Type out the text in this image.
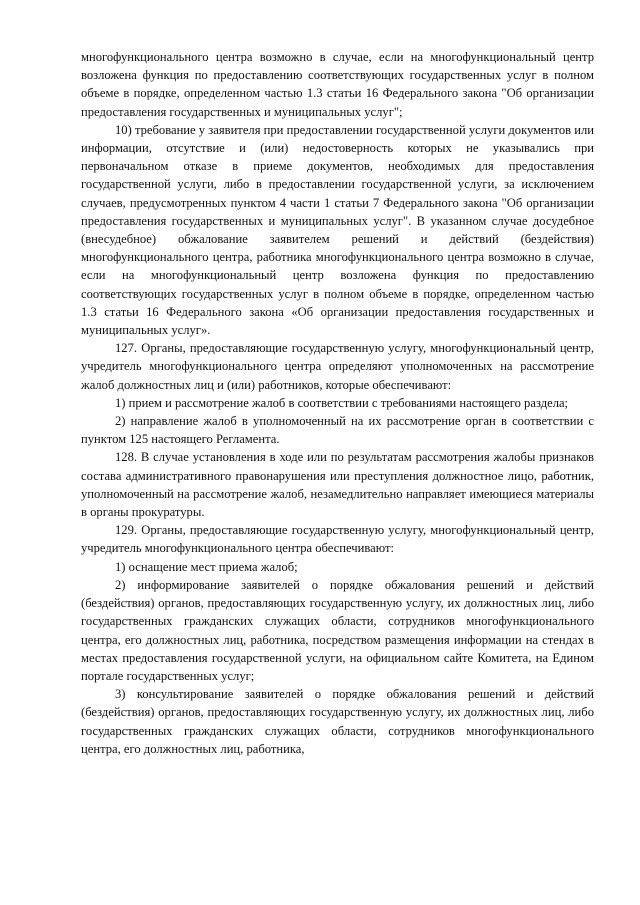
многофункционального центра возможно в случае, если на многофункциональный центр возложена функция по предоставлению соответствующих государственных услуг в полном объеме в порядке, определенном частью 1.3 статьи 16 Федерального закона "Об организации предоставления государственных и муниципальных услуг";

10) требование у заявителя при предоставлении государственной услуги документов или информации, отсутствие и (или) недостоверность которых не указывались при первоначальном отказе в приеме документов, необходимых для предоставления государственной услуги, либо в предоставлении государственной услуги, за исключением случаев, предусмотренных пунктом 4 части 1 статьи 7 Федерального закона "Об организации предоставления государственных и муниципальных услуг". В указанном случае досудебное (внесудебное) обжалование заявителем решений и действий (бездействия) многофункционального центра, работника многофункционального центра возможно в случае, если на многофункциональный центр возложена функция по предоставлению соответствующих государственных услуг в полном объеме в порядке, определенном частью 1.3 статьи 16 Федерального закона «Об организации предоставления государственных и муниципальных услуг».

127. Органы, предоставляющие государственную услугу, многофункциональный центр, учредитель многофункционального центра определяют уполномоченных на рассмотрение жалоб должностных лиц и (или) работников, которые обеспечивают:

1) прием и рассмотрение жалоб в соответствии с требованиями настоящего раздела;

2) направление жалоб в уполномоченный на их рассмотрение орган в соответствии с пунктом 125 настоящего Регламента.

128. В случае установления в ходе или по результатам рассмотрения жалобы признаков состава административного правонарушения или преступления должностное лицо, работник, уполномоченный на рассмотрение жалоб, незамедлительно направляет имеющиеся материалы в органы прокуратуры.

129. Органы, предоставляющие государственную услугу, многофункциональный центр, учредитель многофункционального центра обеспечивают:

1) оснащение мест приема жалоб;

2) информирование заявителей о порядке обжалования решений и действий (бездействия) органов, предоставляющих государственную услугу, их должностных лиц, либо государственных гражданских служащих области, сотрудников многофункционального центра, его должностных лиц, работника, посредством размещения информации на стендах в местах предоставления государственной услуги, на официальном сайте Комитета, на Едином портале государственных услуг;

3) консультирование заявителей о порядке обжалования решений и действий (бездействия) органов, предоставляющих государственную услугу, их должностных лиц, либо государственных гражданских служащих области, сотрудников многофункционального центра, его должностных лиц, работника,
